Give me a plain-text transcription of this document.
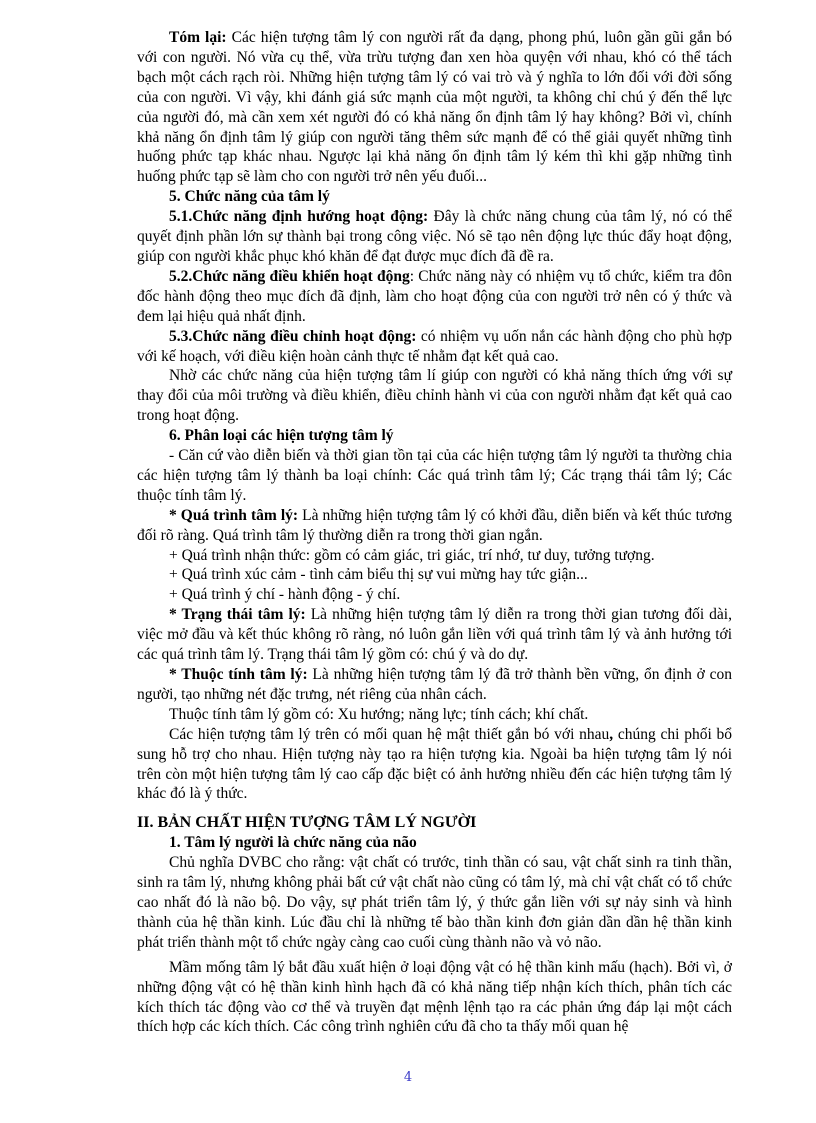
Tóm lại: Các hiện tượng tâm lý con người rất đa dạng, phong phú, luôn gần gũi gắn bó với con người. Nó vừa cụ thể, vừa trừu tượng đan xen hòa quyện với nhau, khó có thể tách bạch một cách rạch ròi. Những hiện tượng tâm lý có vai trò và ý nghĩa to lớn đối với đời sống của con người. Vì vậy, khi đánh giá sức mạnh của một người, ta không chỉ chú ý đến thể lực của người đó, mà cần xem xét người đó có khả năng ổn định tâm lý hay không? Bởi vì, chính khả năng ổn định tâm lý giúp con người tăng thêm sức mạnh để có thể giải quyết những tình huống phức tạp khác nhau. Ngược lại khả năng ổn định tâm lý kém thì khi gặp những tình huống phức tạp sẽ làm cho con người trở nên yếu đuối...

5. Chức năng của tâm lý

5.1.Chức năng định hướng hoạt động: Đây là chức năng chung của tâm lý, nó có thể quyết định phần lớn sự thành bại trong công việc. Nó sẽ tạo nên động lực thúc đẩy hoạt động, giúp con người khắc phục khó khăn để đạt được mục đích đã đề ra.

5.2.Chức năng điều khiển hoạt động: Chức năng này có nhiệm vụ tổ chức, kiểm tra đôn đốc hành động theo mục đích đã định, làm cho hoạt động của con người trở nên có ý thức và đem lại hiệu quả nhất định.

5.3.Chức năng điều chỉnh hoạt động: có nhiệm vụ uốn nắn các hành động cho phù hợp với kế hoạch, với điều kiện hoàn cảnh thực tế nhằm đạt kết quả cao.

Nhờ các chức năng của hiện tượng tâm lí giúp con người có khả năng thích ứng với sự thay đổi của môi trường và điều khiển, điều chỉnh hành vi của con người nhằm đạt kết quả cao trong hoạt động.

6. Phân loại các hiện tượng tâm lý

- Căn cứ vào diễn biến và thời gian tồn tại của các hiện tượng tâm lý người ta thường chia các hiện tượng tâm lý thành ba loại chính: Các quá trình tâm lý; Các trạng thái tâm lý; Các thuộc tính tâm lý.

* Quá trình tâm lý: Là những hiện tượng tâm lý có khởi đầu, diễn biến và kết thúc tương đối rõ ràng. Quá trình tâm lý thường diễn ra trong thời gian ngắn.

+ Quá trình nhận thức: gồm có cảm giác, tri giác, trí nhớ, tư duy, tưởng tượng.

+ Quá trình xúc cảm - tình cảm biểu thị sự vui mừng hay tức giận...

+ Quá trình ý chí - hành động - ý chí.

* Trạng thái tâm lý: Là những hiện tượng tâm lý diễn ra trong thời gian tương đối dài, việc mở đầu và kết thúc không rõ ràng, nó luôn gắn liền với quá trình tâm lý và ảnh hưởng tới các quá trình tâm lý. Trạng thái tâm lý gồm có: chú ý và do dự.

* Thuộc tính tâm lý: Là những hiện tượng tâm lý đã trở thành bền vững, ổn định ở con người, tạo những nét đặc trưng, nét riêng của nhân cách.

Thuộc tính tâm lý gồm có: Xu hướng; năng lực; tính cách; khí chất.

Các hiện tượng tâm lý trên có mối quan hệ mật thiết gắn bó với nhau, chúng chi phối bổ sung hỗ trợ cho nhau. Hiện tượng này tạo ra hiện tượng kia. Ngoài ba hiện tượng tâm lý nói trên còn một hiện tượng tâm lý cao cấp đặc biệt có ảnh hưởng nhiều đến các hiện tượng tâm lý khác đó là ý thức.

II. BẢN CHẤT HIỆN TƯỢNG TÂM LÝ NGƯỜI

1. Tâm lý người là chức năng của não

Chủ nghĩa DVBC cho rằng: vật chất có trước, tinh thần có sau, vật chất sinh ra tinh thần, sinh ra tâm lý, nhưng không phải bất cứ vật chất nào cũng có tâm lý, mà chỉ vật chất có tổ chức cao nhất đó là não bộ. Do vậy, sự phát triển tâm lý, ý thức gắn liền với sự nảy sinh và hình thành của hệ thần kinh. Lúc đầu chỉ là những tế bào thần kinh đơn giản dần dần hệ thần kinh phát triển thành một tổ chức ngày càng cao cuối cùng thành não và vỏ não.

Mầm mống tâm lý bắt đầu xuất hiện ở loại động vật có hệ thần kinh mấu (hạch). Bởi vì, ở những động vật có hệ thần kinh hình hạch đã có khả năng tiếp nhận kích thích, phân tích các kích thích tác động vào cơ thể và truyền đạt mệnh lệnh tạo ra các phản ứng đáp lại một cách thích hợp các kích thích. Các công trình nghiên cứu đã cho ta thấy mối quan hệ

4
